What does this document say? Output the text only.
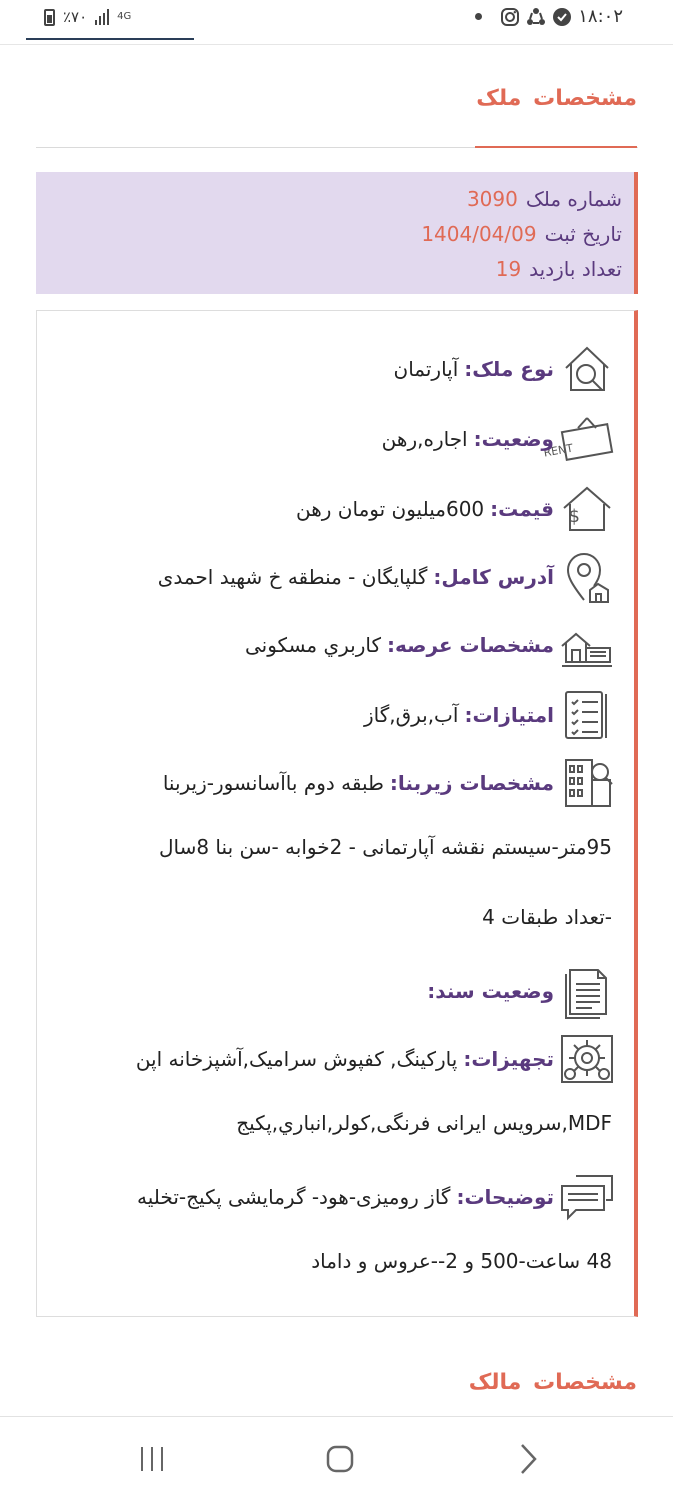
٪۷۰	4G	۱۸:۰۲
مشخصات ملک
شماره ملک3090
تاریخ ثبت1404/04/09
تعداد بازدید19
نوع ملک
:
آپارتمان
RENT
وضعیت
:
اجاره,رهن
$
قیمت
:
600میلیون تومان رهن
آدرس کامل
:
گلپایگان - منطقه خ شهید احمدی
مشخصات عرصه
:
کاربري مسکونی
امتیازات
:
آب,برق,گاز
مشخصات زیربنا
:
طبقه دوم باآسانسور-زیربنا
95متر-سیستم نقشه آپارتمانی - 2خوابه -سن بنا 8سال
-تعداد طبقات 4
وضعیت سند
:
تجهیزات
:
پارکینگ, کفپوش سرامیک,آشپزخانه اپن
MDF,سرویس ایرانی فرنگی,کولر,انباري,پکیج
توضیحات
:
گاز رومیزی-هود- گرمایشی پکیج-تخلیه
48 ساعت-500 و 2--عروس و داماد
مشخصات مالک
